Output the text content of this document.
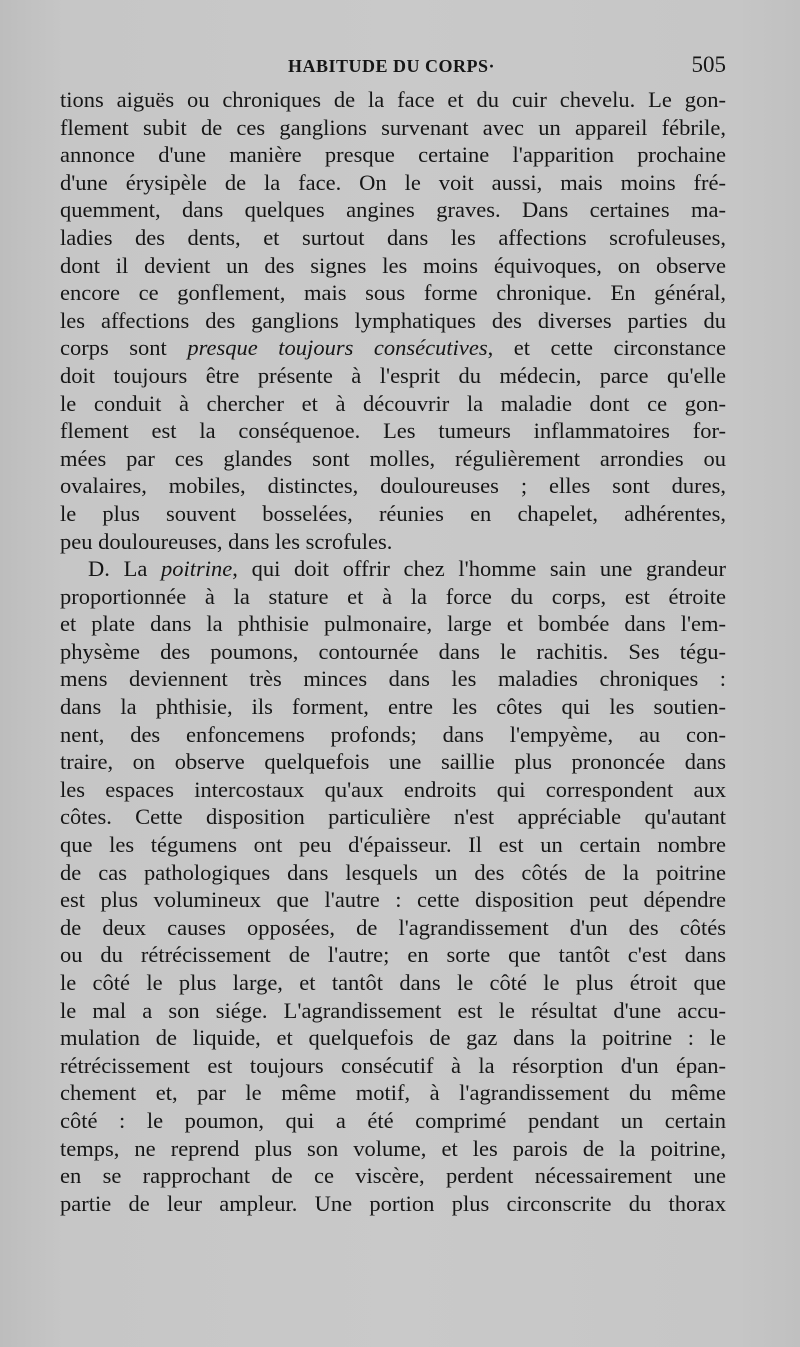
HABITUDE DU CORPS·	505
tions aiguës ou chroniques de la face et du cuir chevelu. Le gon-
flement subit de ces ganglions survenant avec un appareil fébrile,
annonce d'une manière presque certaine l'apparition prochaine
d'une érysipèle de la face. On le voit aussi, mais moins fré-
quemment, dans quelques angines graves. Dans certaines ma-
ladies des dents, et surtout dans les affections scrofuleuses,
dont il devient un des signes les moins équivoques, on observe
encore ce gonflement, mais sous forme chronique. En général,
les affections des ganglions lymphatiques des diverses parties du
corps sont presque toujours consécutives, et cette circonstance
doit toujours être présente à l'esprit du médecin, parce qu'elle
le conduit à chercher et à découvrir la maladie dont ce gon-
flement est la conséquenoe. Les tumeurs inflammatoires for-
mées par ces glandes sont molles, régulièrement arrondies ou
ovalaires, mobiles, distinctes, douloureuses ; elles sont dures,
le plus souvent bosselées, réunies en chapelet, adhérentes,
peu douloureuses, dans les scrofules.
D. La poitrine, qui doit offrir chez l'homme sain une grandeur
proportionnée à la stature et à la force du corps, est étroite
et plate dans la phthisie pulmonaire, large et bombée dans l'em-
physème des poumons, contournée dans le rachitis. Ses tégu-
mens deviennent très minces dans les maladies chroniques :
dans la phthisie, ils forment, entre les côtes qui les soutien-
nent, des enfoncemens profonds; dans l'empyème, au con-
traire, on observe quelquefois une saillie plus prononcée dans
les espaces intercostaux qu'aux endroits qui correspondent aux
côtes. Cette disposition particulière n'est appréciable qu'autant
que les tégumens ont peu d'épaisseur. Il est un certain nombre
de cas pathologiques dans lesquels un des côtés de la poitrine
est plus volumineux que l'autre : cette disposition peut dépendre
de deux causes opposées, de l'agrandissement d'un des côtés
ou du rétrécissement de l'autre; en sorte que tantôt c'est dans
le côté le plus large, et tantôt dans le côté le plus étroit que
le mal a son siége. L'agrandissement est le résultat d'une accu-
mulation de liquide, et quelquefois de gaz dans la poitrine : le
rétrécissement est toujours consécutif à la résorption d'un épan-
chement et, par le même motif, à l'agrandissement du même
côté : le poumon, qui a été comprimé pendant un certain
temps, ne reprend plus son volume, et les parois de la poitrine,
en se rapprochant de ce viscère, perdent nécessairement une
partie de leur ampleur. Une portion plus circonscrite du thorax
